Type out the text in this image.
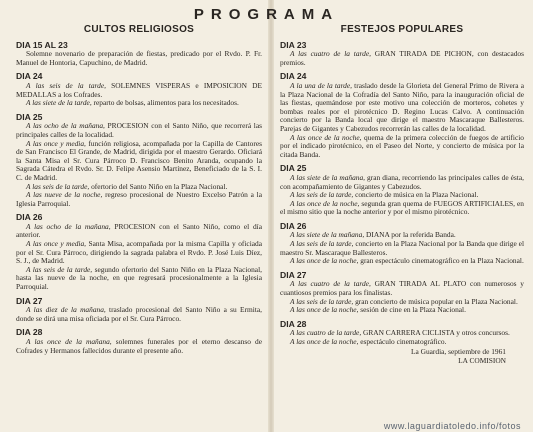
PROGRAMA
CULTOS RELIGIOSOS
DIA 15 AL 23

Solemne novenario de preparación de fiestas, predicado por el Rvdo. P. Fr. Manuel de Hontoria, Capuchino, de Madrid.

DIA 24

A las seis de la tarde, SOLEMNES VISPERAS e IMPOSICION DE MEDALLAS a los Cofrades.

A las siete de la tarde, reparto de bolsas, alimentos para los necesitados.

DIA 25

A las ocho de la mañana, PROCESION con el Santo Niño, que recorrerá las principales calles de la localidad.

A las once y media, función religiosa, acompañada por la Capilla de Cantores de San Francisco El Grande, de Madrid, dirigida por el maestro Gerardo. Oficiará la Santa Misa el Sr. Cura Párroco D. Francisco Benito Aranda, ocupando la Sagrada Cátedra el Rvdo. Sr. D. Felipe Asensio Martínez, Beneficiado de la S. I. C. de Madrid.

A las seis de la tarde, ofertorio del Santo Niño en la Plaza Nacional.

A las nueve de la noche, regreso procesional de Nuestro Excelso Patrón a la Iglesia Parroquial.

DIA 26

A las ocho de la mañana, PROCESION con el Santo Niño, como el día anterior.

A las once y media, Santa Misa, acompañada por la misma Capilla y oficiada por el Sr. Cura Párroco, dirigiendo la sagrada palabra el Rvdo. P. José Luis Díez, S. J., de Madrid.

A las seis de la tarde, segundo ofertorio del Santo Niño en la Plaza Nacional, hasta las nueve de la noche, en que regresará procesionalmente a la Iglesia Parroquial.

DIA 27

A las diez de la mañana, traslado procesional del Santo Niño a su Ermita, donde se dirá una misa oficiada por el Sr. Cura Párroco.

DIA 28

A las once de la mañana, solemnes funerales por el eterno descanso de Cofrades y Hermanos fallecidos durante el presente año.

FESTEJOS POPULARES
DIA 23

A las cuatro de la tarde, GRAN TIRADA DE PICHON, con destacados premios.

DIA 24

A la una de la tarde, traslado desde la Glorieta del General Primo de Rivera a la Plaza Nacional de la Cofradía del Santo Niño, para la inauguración oficial de las fiestas, quemándose por este motivo una colección de morteros, cohetes y bombas reales por el pirotécnico D. Regino Lucas Calvo. A continuación concierto por la Banda local que dirige el maestro Mascaraque Ballesteros. Parejas de Gigantes y Cabezudos recorrerán las calles de la localidad.

A las once de la noche, quema de la primera colección de fuegos de artificio por el indicado pirotécnico, en el Paseo del Norte, y concierto de música por la citada Banda.

DIA 25

A las siete de la mañana, gran diana, recorriendo las principales calles de ésta, con acompañamiento de Gigantes y Cabezudos.

A las seis de la tarde, concierto de música en la Plaza Nacional.

A las once de la noche, segunda gran quema de FUEGOS ARTIFICIALES, en el mismo sitio que la noche anterior y por el mismo pirotécnico.

DIA 26

A las siete de la mañana, DIANA por la referida Banda.

A las seis de la tarde, concierto en la Plaza Nacional por la Banda que dirige el maestro Sr. Mascaraque Ballesteros.

A las once de la noche, gran espectáculo cinematográfico en la Plaza Nacional.

DIA 27

A las cuatro de la tarde, GRAN TIRADA AL PLATO con numerosos y cuantiosos premios para los finalistas.

A las seis de la tarde, gran concierto de música popular en la Plaza Nacional.

A las once de la noche, sesión de cine en la Plaza Nacional.

DIA 28

A las cuatro de la tarde, GRAN CARRERA CICLISTA y otros concursos.

A las once de la noche, espectáculo cinematográfico.

La Guardia, septiembre de 1961
LA COMISION
www.laguardiatoledo.info/fotos
